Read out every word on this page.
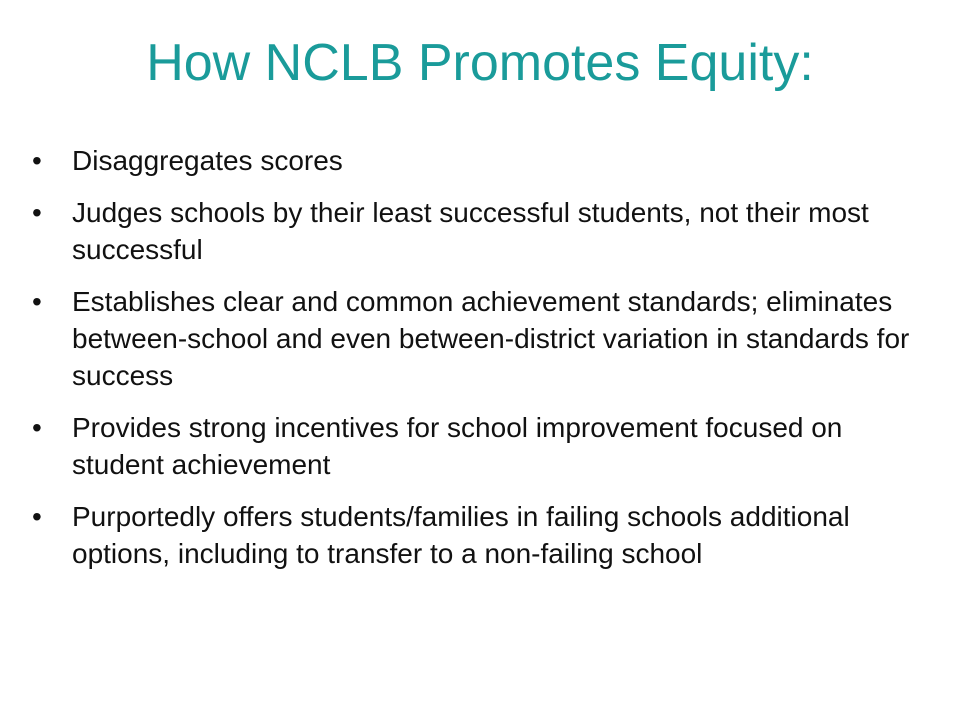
How NCLB Promotes Equity:
• Disaggregates scores
• Judges schools by their least successful students, not their most successful
• Establishes clear and common achievement standards; eliminates between-school and even between-district variation in standards for success
• Provides strong incentives for school improvement focused on student achievement
• Purportedly offers students/families in failing schools additional options, including to transfer to a non-failing school
